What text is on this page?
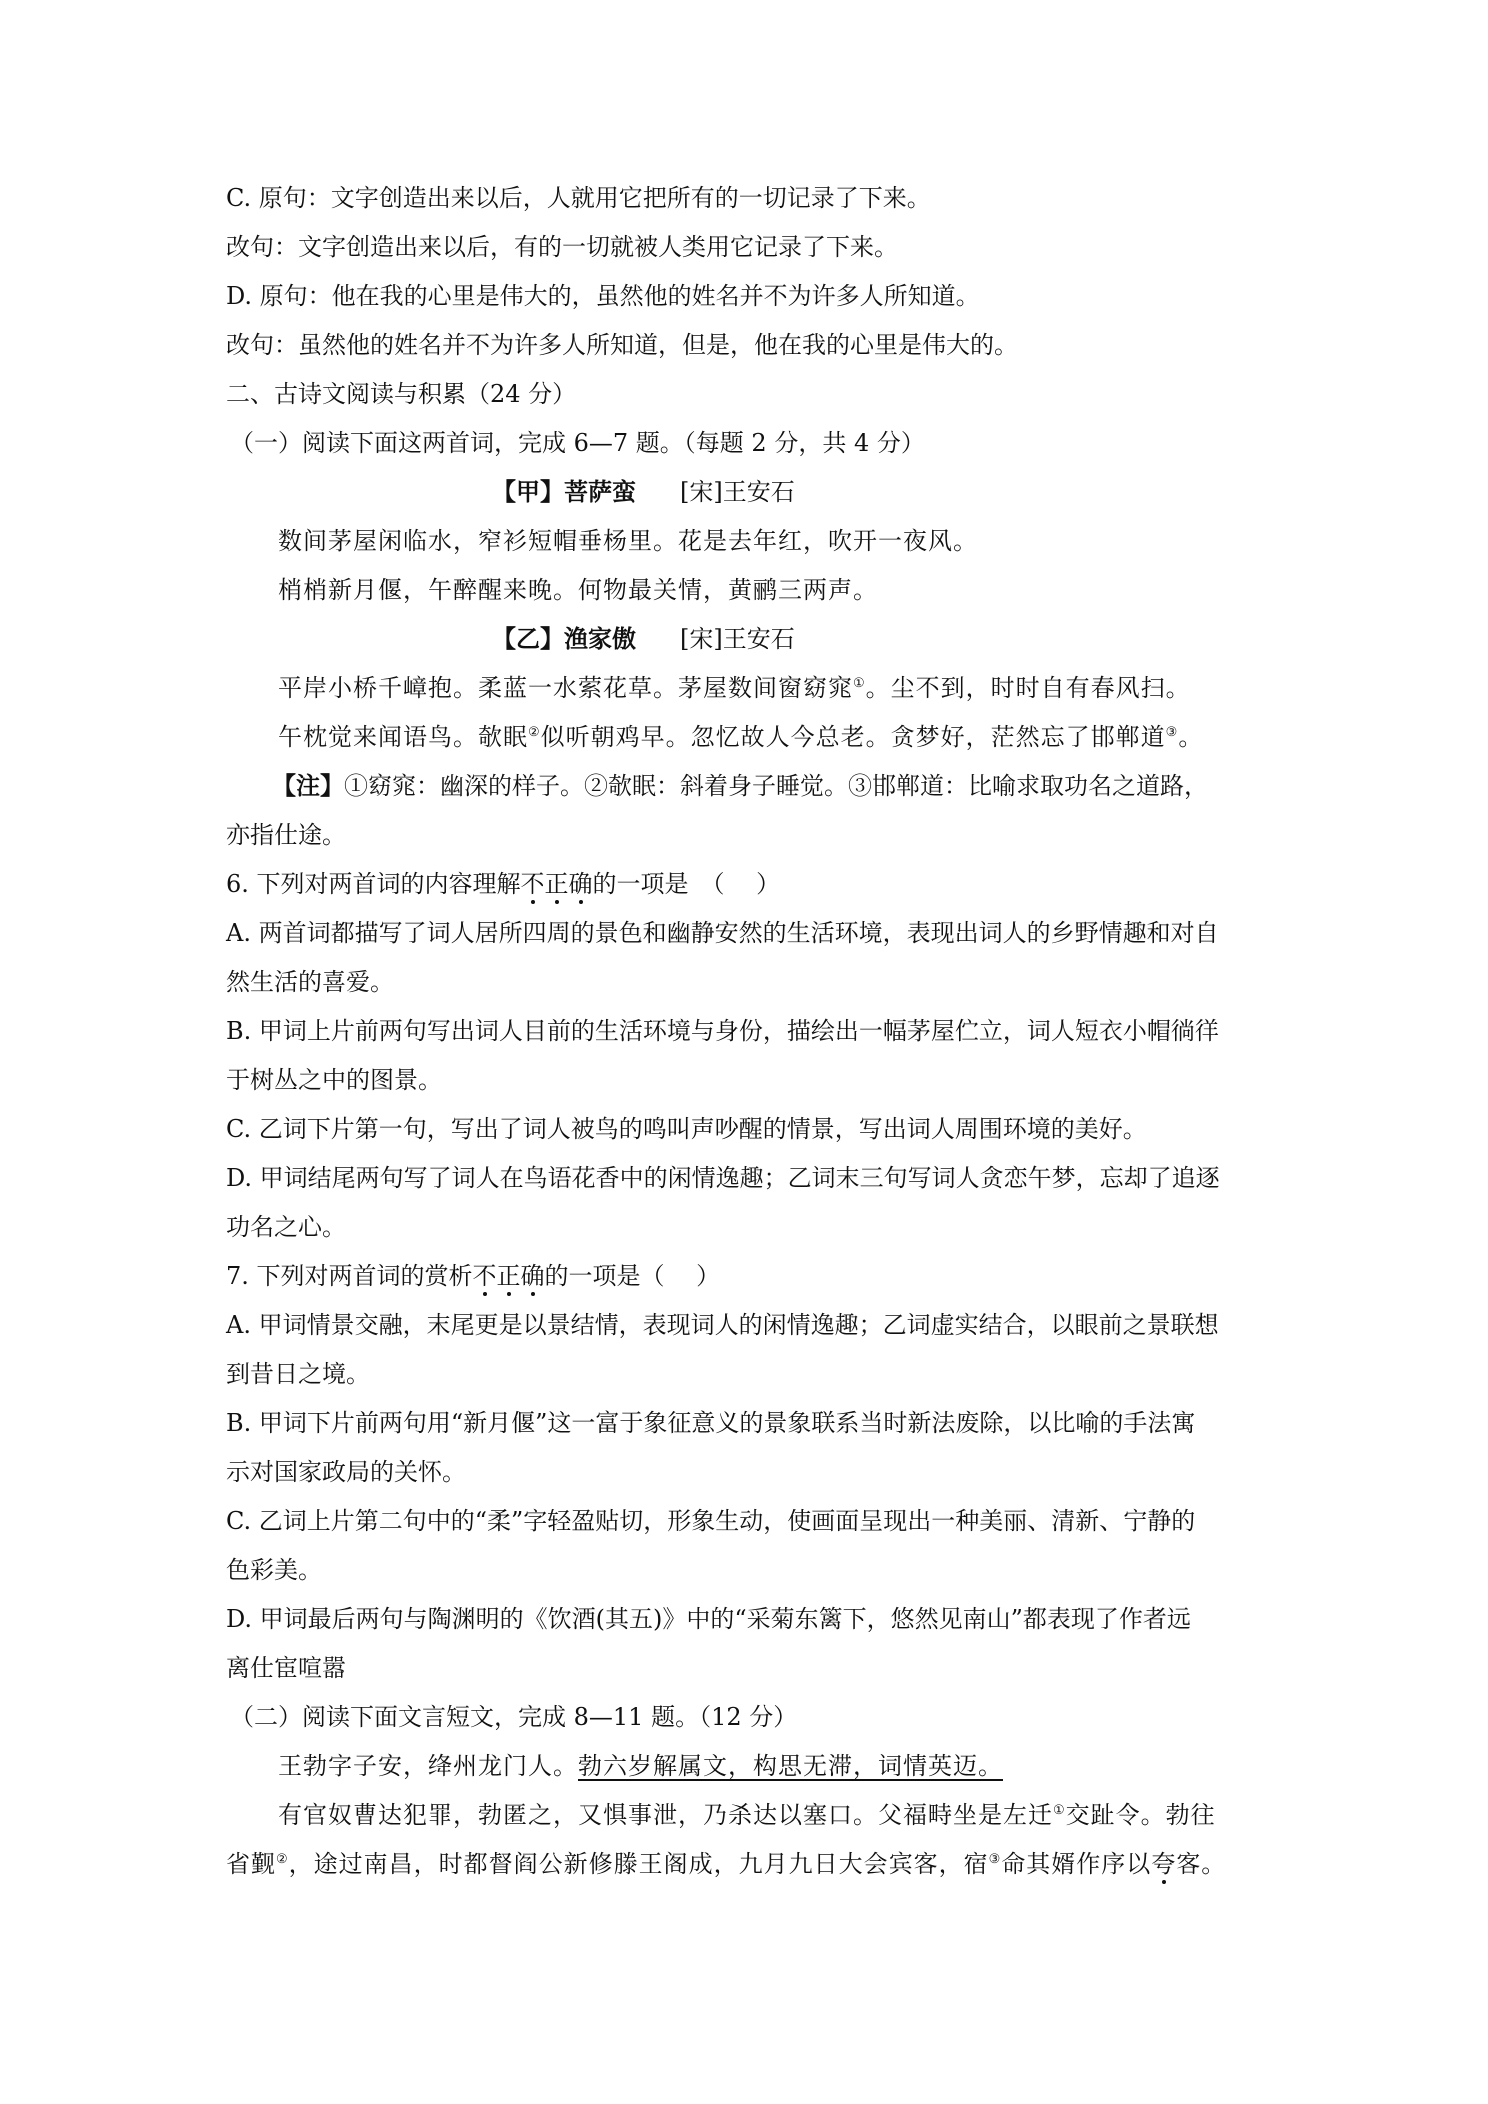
C. 原句：文字创造出来以后，人就用它把所有的一切记录了下来。
改句：文字创造出来以后，有的一切就被人类用它记录了下来。
D. 原句：他在我的心里是伟大的，虽然他的姓名并不为许多人所知道。
改句：虽然他的姓名并不为许多人所知道，但是，他在我的心里是伟大的。
二、古诗文阅读与积累（24 分）
（一）阅读下面这两首词，完成 6—7 题。（每题 2 分，共 4 分）
【甲】菩萨蛮 [宋]王安石
数间茅屋闲临水，窄衫短帽垂杨里。花是去年红，吹开一夜风。
梢梢新月偃，午醉醒来晚。何物最关情，黄鹂三两声。
【乙】渔家傲 [宋]王安石
平岸小桥千嶂抱。柔蓝一水萦花草。茅屋数间窗窈窕①。尘不到，时时自有春风扫。
午枕觉来闻语鸟。欹眠②似听朝鸡早。忽忆故人今总老。贪梦好，茫然忘了邯郸道③。
【注】①窈窕：幽深的样子。②欹眠：斜着身子睡觉。③邯郸道：比喻求取功名之道路，
亦指仕途。
6. 下列对两首词的内容理解不正确的一项是　（　 ）
A. 两首词都描写了词人居所四周的景色和幽静安然的生活环境，表现出词人的乡野情趣和对自
然生活的喜爱。
B. 甲词上片前两句写出词人目前的生活环境与身份，描绘出一幅茅屋伫立，词人短衣小帽徜徉
于树丛之中的图景。
C. 乙词下片第一句，写出了词人被鸟的鸣叫声吵醒的情景，写出词人周围环境的美好。
D. 甲词结尾两句写了词人在鸟语花香中的闲情逸趣；乙词末三句写词人贪恋午梦，忘却了追逐
功名之心。
7. 下列对两首词的赏析不正确的一项是（　 ）
A. 甲词情景交融，末尾更是以景结情，表现词人的闲情逸趣；乙词虚实结合，以眼前之景联想
到昔日之境。
B. 甲词下片前两句用“新月偃”这一富于象征意义的景象联系当时新法废除，以比喻的手法寓
示对国家政局的关怀。
C. 乙词上片第二句中的“柔”字轻盈贴切，形象生动，使画面呈现出一种美丽、清新、宁静的
色彩美。
D. 甲词最后两句与陶渊明的《饮酒(其五)》中的“采菊东篱下，悠然见南山”都表现了作者远
离仕宦喧嚣
（二）阅读下面文言短文，完成 8—11 题。（12 分）
王勃字子安，绛州龙门人。勃六岁解属文，构思无滞，词情英迈。
有官奴曹达犯罪，勃匿之，又惧事泄，乃杀达以塞口。父福畤坐是左迁①交趾令。勃往
省觐②，途过南昌，时都督阎公新修滕王阁成，九月九日大会宾客，宿③命其婿作序以夸客。
